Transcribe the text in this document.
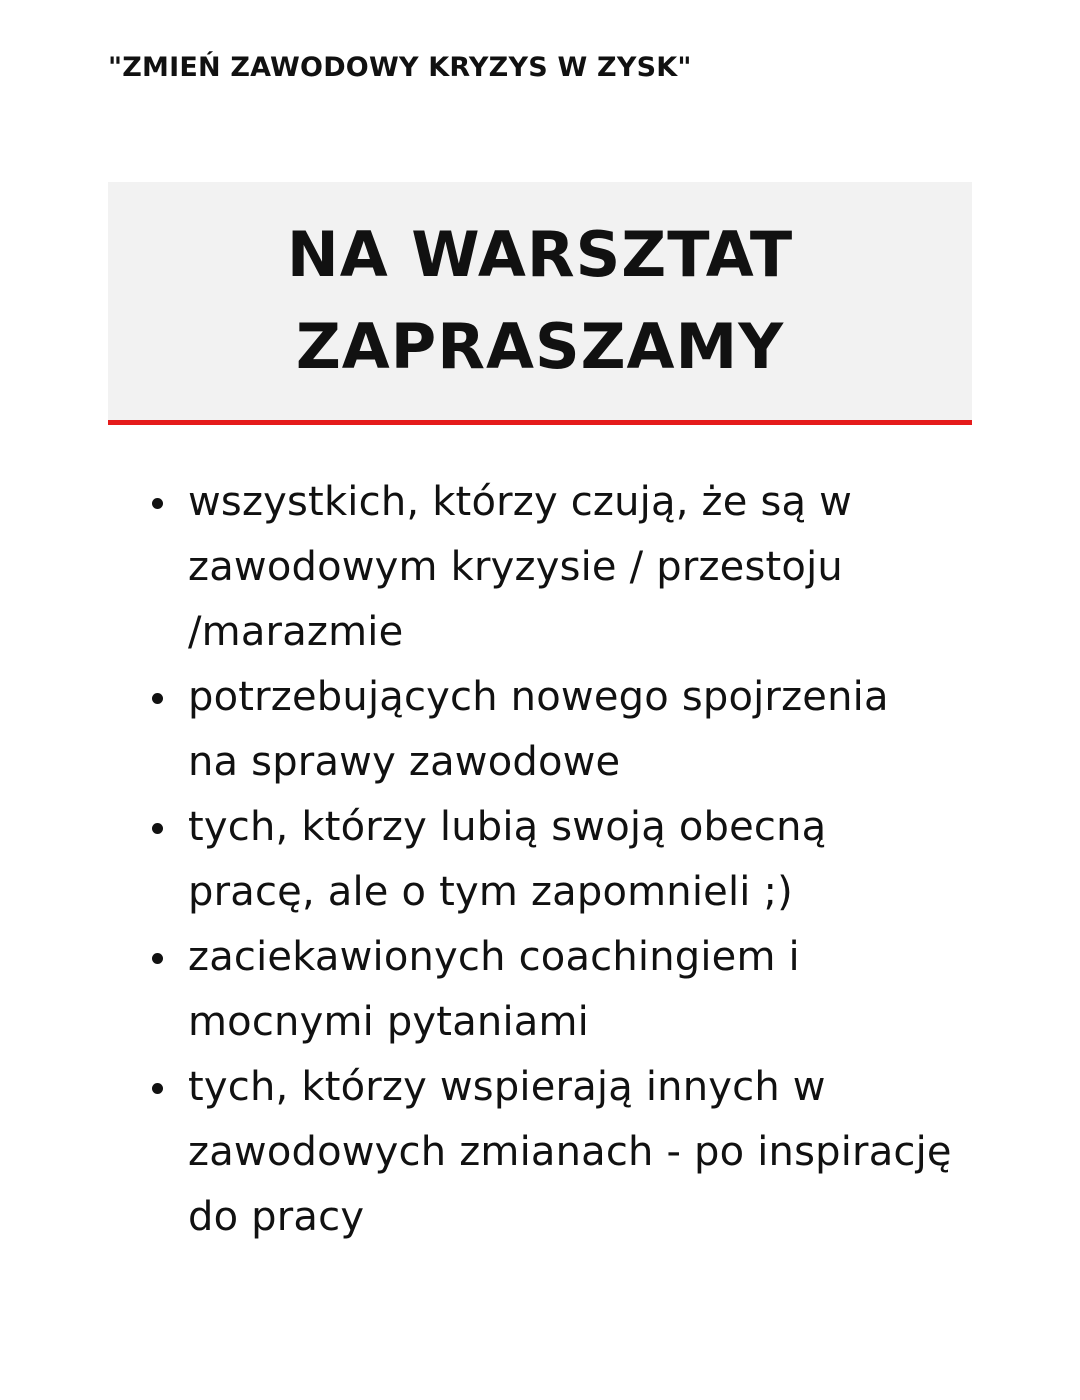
"ZMIEŃ ZAWODOWY KRYZYS W ZYSK"
NA WARSZTAT
ZAPRASZAMY
wszystkich, którzy czują, że są w
zawodowym kryzysie / przestoju
/marazmie
potrzebujących nowego spojrzenia
na sprawy zawodowe
tych, którzy lubią swoją obecną
pracę, ale o tym zapomnieli ;)
zaciekawionych coachingiem i
mocnymi pytaniami
tych, którzy wspierają innych w
zawodowych zmianach - po inspirację
do pracy
